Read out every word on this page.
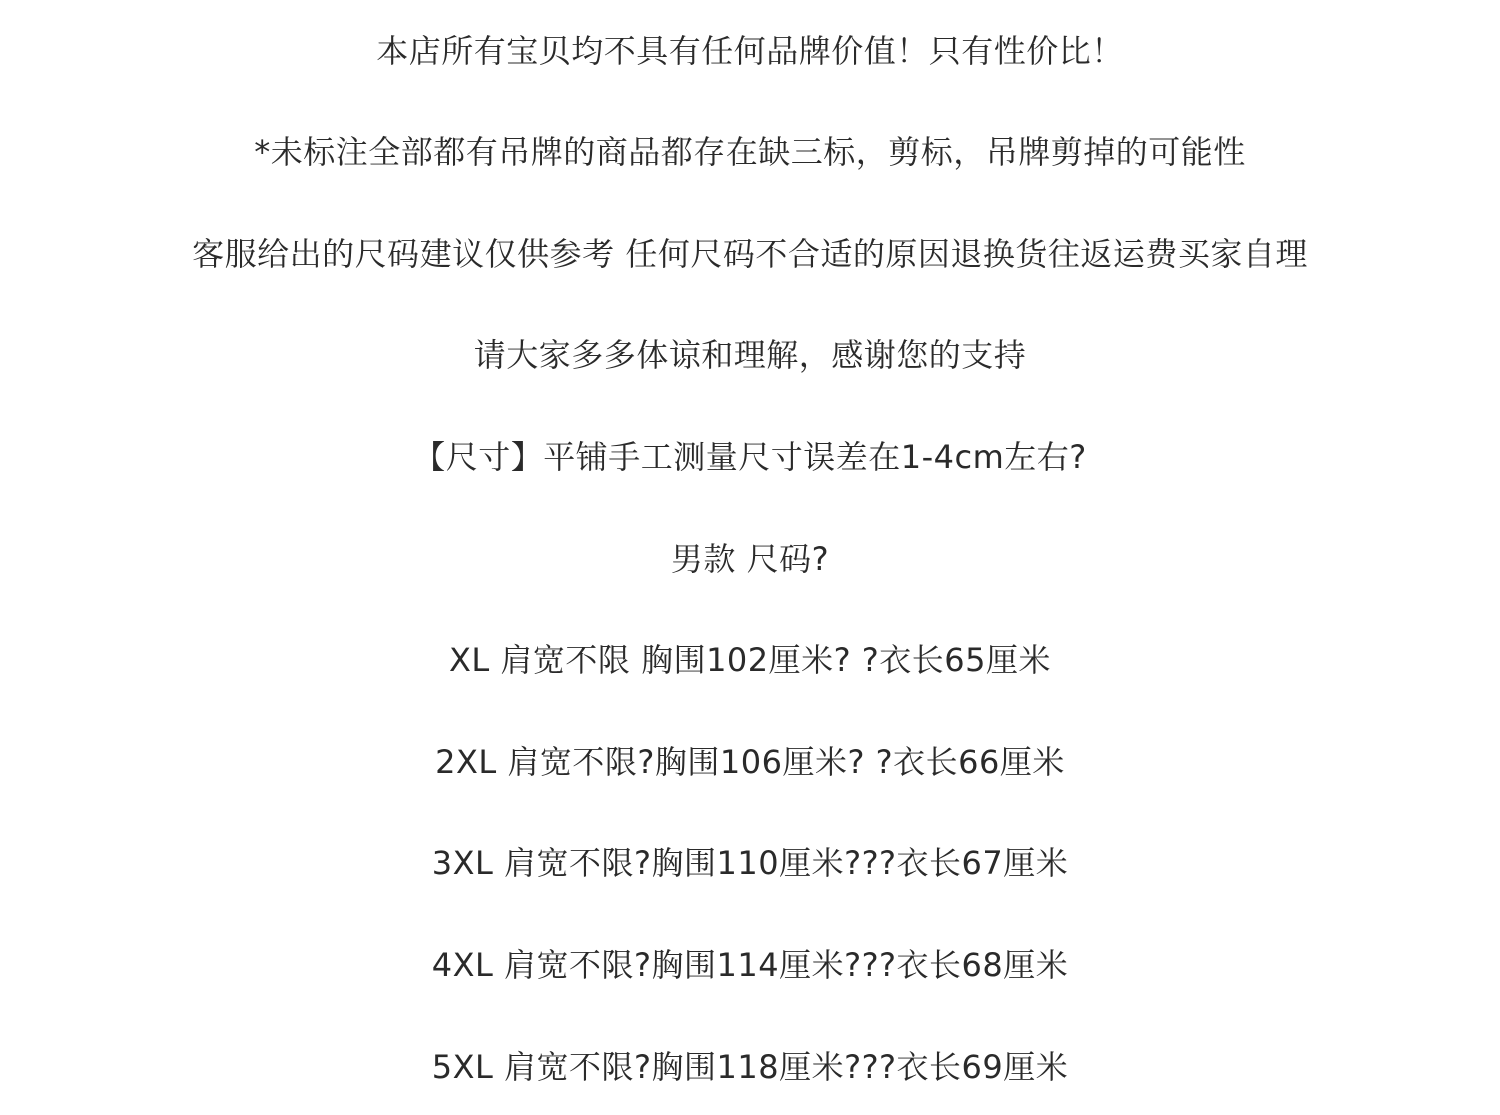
本店所有宝贝均不具有任何品牌价值！只有性价比！
*未标注全部都有吊牌的商品都存在缺三标，剪标，吊牌剪掉的可能性
客服给出的尺码建议仅供参考 任何尺码不合适的原因退换货往返运费买家自理
请大家多多体谅和理解，感谢您的支持
【尺寸】平铺手工测量尺寸误差在1-4cm左右?
男款 尺码?
XL 肩宽不限 胸围102厘米? ?衣长65厘米
2XL 肩宽不限?胸围106厘米? ?衣长66厘米
3XL 肩宽不限?胸围110厘米???衣长67厘米
4XL 肩宽不限?胸围114厘米???衣长68厘米
5XL 肩宽不限?胸围118厘米???衣长69厘米
